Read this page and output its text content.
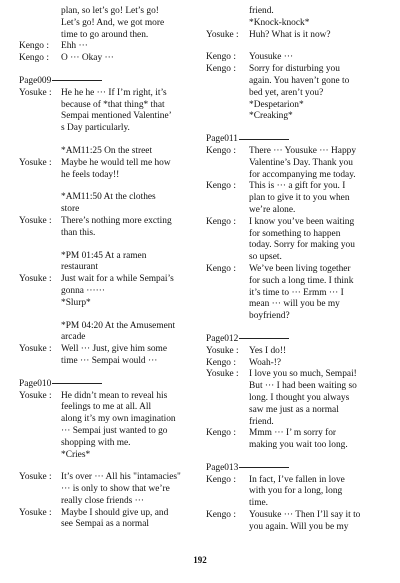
plan, so let’s go! Let’s go!
Let’s go! And, we got more
time to go around then.
Kengo : Ehh ···
Kengo : O ··· Okay ···
Page009
Yosuke : He he he ··· If I’m right, it’s
because of *that thing* that
Sempai mentioned Valentine’
s Day particularly.
*AM11:25 On the street
Yosuke : Maybe he would tell me how
he feels today!!
*AM11:50 At the clothes
store
Yosuke : There’s nothing more excting
than this.
*PM 01:45 At a ramen
restaurant
Yosuke : Just wait for a while Sempai’s
gonna ······
*Slurp*
*PM 04:20 At the Amusement
arcade
Yosuke : Well ··· Just, give him some
time ··· Sempai would ···
Page010
Yosuke : He didn’t mean to reveal his
feelings to me at all. All
along it’s my own imagination
··· Sempai just wanted to go
shopping with me.
*Cries*
Yosuke : It’s over ··· All his "intamacies"
··· is only to show that we’re
really close friends ···
Yosuke : Maybe I should give up, and
see Sempai as a normal
friend.
*Knock-knock*
Yosuke : Huh? What is it now?
Kengo : Yousuke ···
Kengo : Sorry for disturbing you
again. You haven’t gone to
bed yet, aren’t you?
*Despetarion*
*Creaking*
Page011
Kengo : There ··· Yousuke ··· Happy
Valentine’s Day. Thank you
for accompanying me today.
Kengo : This is ··· a gift for you. I
plan to give it to you when
we’re alone.
Kengo : I know you’ve been waiting
for something to happen
today. Sorry for making you
so upset.
Kengo : We’ve been living together
for such a long time. I think
it’s time to ··· Ermm ··· I
mean ··· will you be my
boyfriend?
Page012
Yosuke : Yes I do!!
Kengo : Woah-!?
Yosuke : I love you so much, Sempai!
But ··· I had been waiting so
long. I thought you always
saw me just as a normal
friend.
Kengo : Mmm ··· I’ m sorry for
making you wait too long.
Page013
Kengo : In fact, I’ve fallen in love
with you for a long, long
time.
Kengo : Yousuke ··· Then I’ll say it to
you again. Will you be my
192
